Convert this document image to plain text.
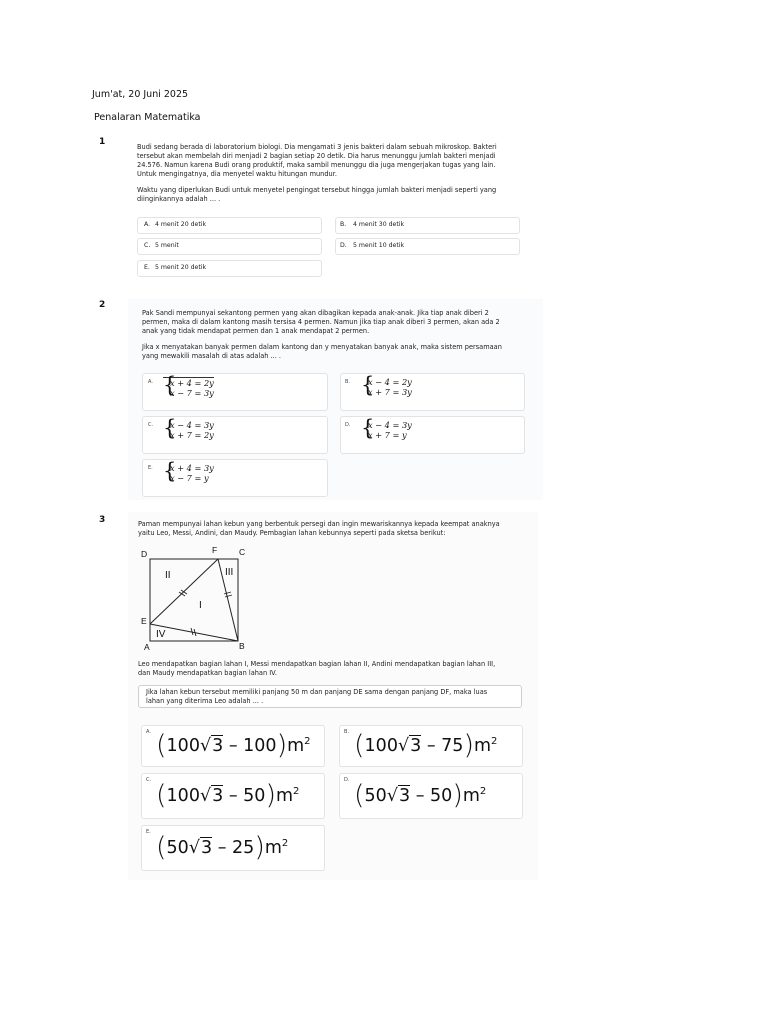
Jum'at, 20 Juni 2025
Penalaran Matematika
1	Budi sedang berada di laboratorium biologi. Dia mengamati 3 jenis bakteri dalam sebuah mikroskop. Bakteri
tersebut akan membelah diri menjadi 2 bagian setiap 20 detik. Dia harus menunggu jumlah bakteri menjadi
24.576. Namun karena Budi orang produktif, maka sambil menunggu dia juga mengerjakan tugas yang lain.
Untuk mengingatnya, dia menyetel waktu hitungan mundur.
Waktu yang diperlukan Budi untuk menyetel pengingat tersebut hingga jumlah bakteri menjadi seperti yang
diinginkannya adalah ... .
A. 4 menit 20 detik	B. 4 menit 30 detik
C. 5 menit	D. 5 menit 10 detik
E. 5 menit 20 detik
2
Pak Sandi mempunyai sekantong permen yang akan dibagikan kepada anak-anak. Jika tiap anak diberi 2
permen, maka di dalam kantong masih tersisa 4 permen. Namun jika tiap anak diberi 3 permen, akan ada 2
anak yang tidak mendapat permen dan 1 anak mendapat 2 permen.
Jika x menyatakan banyak permen dalam kantong dan y menyatakan banyak anak, maka sistem persamaan
yang mewakili masalah di atas adalah ... .
A. {
x + 4 = 2y
x − 7 = 3y
B. {
x − 4 = 2y
x + 7 = 3y
C. {
x − 4 = 3y
x + 7 = 2y
D. {
x − 4 = 3y
x + 7 = y
E. {
x + 4 = 3y
x − 7 = y
3	Paman mempunyai lahan kebun yang berbentuk persegi dan ingin mewariskannya kepada keempat anaknya
yaitu Leo, Messi, Andini, dan Maudy. Pembagian lahan kebunnya seperti pada sketsa berikut:
D	F	C
E
A	B
II	III
I
IV
Leo mendapatkan bagian lahan I, Messi mendapatkan bagian lahan II, Andini mendapatkan bagian lahan III,
dan Maudy mendapatkan bagian lahan IV.
Jika lahan kebun tersebut memiliki panjang 50 m dan panjang DE sama dengan panjang DF, maka luas
lahan yang diterima Leo adalah ... .
A. $(100√3 - 100)m^2$
B. $(100√3 - 75)m^2$
C. $(100√3 - 50)m^2$
D. $(50√3 - 50)m^2$
E. $(50√3 - 25)m^2$
